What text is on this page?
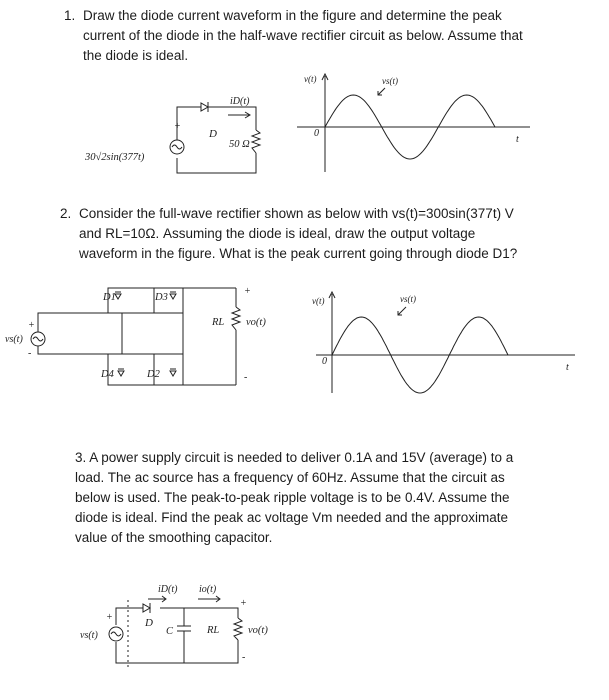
1. Draw the diode current waveform in the figure and determine the peak
current of the diode in the half-wave rectifier circuit as below. Assume that
the diode is ideal.
iD(t)
+
30√2sin(377t)
D
50 Ω
v(t)	vs(t)
0
t
2. Consider the full-wave rectifier shown as below with vs(t)=300sin(377t) V
and RL=10Ω. Assuming the diode is ideal, draw the output voltage
waveform in the figure. What is the peak current going through diode D1?
D1	D3
D4	D2
RL vo(t)
vs(t)
+
-
+
-
v(t)	vs(t)
0
t
3. A power supply circuit is needed to deliver 0.1A and 15V (average) to a
load. The ac source has a frequency of 60Hz. Assume that the circuit as
below is used. The peak-to-peak ripple voltage is to be 0.4V. Assume the
diode is ideal. Find the peak ac voltage Vm needed and the approximate
value of the smoothing capacitor.
iD(t) io(t)
D
C	RL	vo(t)
vs(t)
+
+
-
